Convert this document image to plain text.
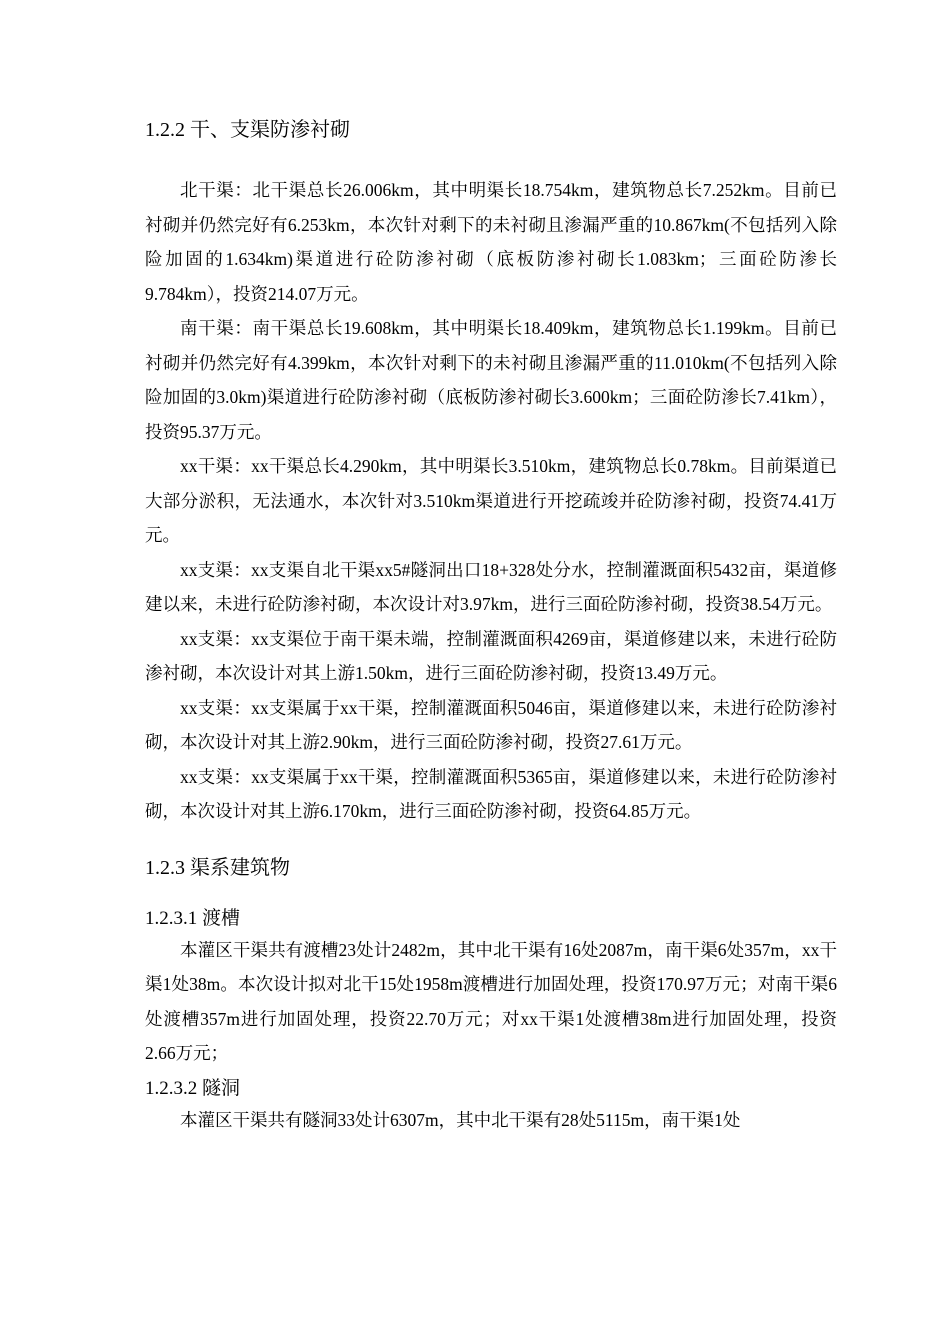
1.2.2 干、支渠防渗衬砌

北干渠：北干渠总长26.006km，其中明渠长18.754km，建筑物总长7.252km。目前已衬砌并仍然完好有6.253km，本次针对剩下的未衬砌且渗漏严重的10.867km(不包括列入除险加固的1.634km)渠道进行砼防渗衬砌（底板防渗衬砌长1.083km；三面砼防渗长9.784km），投资214.07万元。

南干渠：南干渠总长19.608km，其中明渠长18.409km，建筑物总长1.199km。目前已衬砌并仍然完好有4.399km，本次针对剩下的未衬砌且渗漏严重的11.010km(不包括列入除险加固的3.0km)渠道进行砼防渗衬砌（底板防渗衬砌长3.600km；三面砼防渗长7.41km），投资95.37万元。

xx干渠：xx干渠总长4.290km，其中明渠长3.510km，建筑物总长0.78km。目前渠道已大部分淤积，无法通水，本次针对3.510km渠道进行开挖疏竣并砼防渗衬砌，投资74.41万元。

xx支渠：xx支渠自北干渠xx5#隧洞出口18+328处分水，控制灌溉面积5432亩，渠道修建以来，未进行砼防渗衬砌，本次设计对3.97km，进行三面砼防渗衬砌，投资38.54万元。

xx支渠：xx支渠位于南干渠未端，控制灌溉面积4269亩，渠道修建以来，未进行砼防渗衬砌，本次设计对其上游1.50km，进行三面砼防渗衬砌，投资13.49万元。

xx支渠：xx支渠属于xx干渠，控制灌溉面积5046亩，渠道修建以来，未进行砼防渗衬砌，本次设计对其上游2.90km，进行三面砼防渗衬砌，投资27.61万元。

xx支渠：xx支渠属于xx干渠，控制灌溉面积5365亩，渠道修建以来，未进行砼防渗衬砌，本次设计对其上游6.170km，进行三面砼防渗衬砌，投资64.85万元。

1.2.3 渠系建筑物
1.2.3.1 渡槽

本灌区干渠共有渡槽23处计2482m，其中北干渠有16处2087m，南干渠6处357m，xx干渠1处38m。本次设计拟对北干15处1958m渡槽进行加固处理，投资170.97万元；对南干渠6处渡槽357m进行加固处理，投资22.70万元；对xx干渠1处渡槽38m进行加固处理，投资2.66万元；

1.2.3.2 隧洞

本灌区干渠共有隧洞33处计6307m，其中北干渠有28处5115m，南干渠1处
